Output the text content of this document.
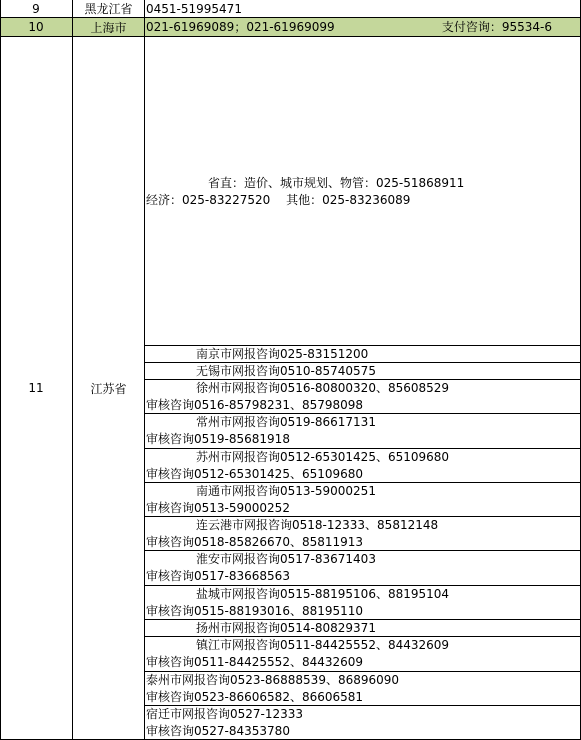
9	黑龙江省 0451-51995471
10	上海市 021-61969089；021-61969099	支付咨询：95534-6
11	江苏省
省直：造价、城市规划、物管：025-51868911
经济：025-83227520　 其他：025-83236089
南京市网报咨询025-83151200
无锡市网报咨询0510-85740575
徐州市网报咨询0516-80800320、85608529
审核咨询0516-85798231、85798098
常州市网报咨询0519-86617131
审核咨询0519-85681918
苏州市网报咨询0512-65301425、65109680
审核咨询0512-65301425、65109680
南通市网报咨询0513-59000251
审核咨询0513-59000252
连云港市网报咨询0518-12333、85812148
审核咨询0518-85826670、85811913
淮安市网报咨询0517-83671403
审核咨询0517-83668563
盐城市网报咨询0515-88195106、88195104
审核咨询0515-88193016、88195110
扬州市网报咨询0514-80829371
镇江市网报咨询0511-84425552、84432609
审核咨询0511-84425552、84432609
泰州市网报咨询0523-86888539、86896090
审核咨询0523-86606582、86606581
宿迁市网报咨询0527-12333
审核咨询0527-84353780
